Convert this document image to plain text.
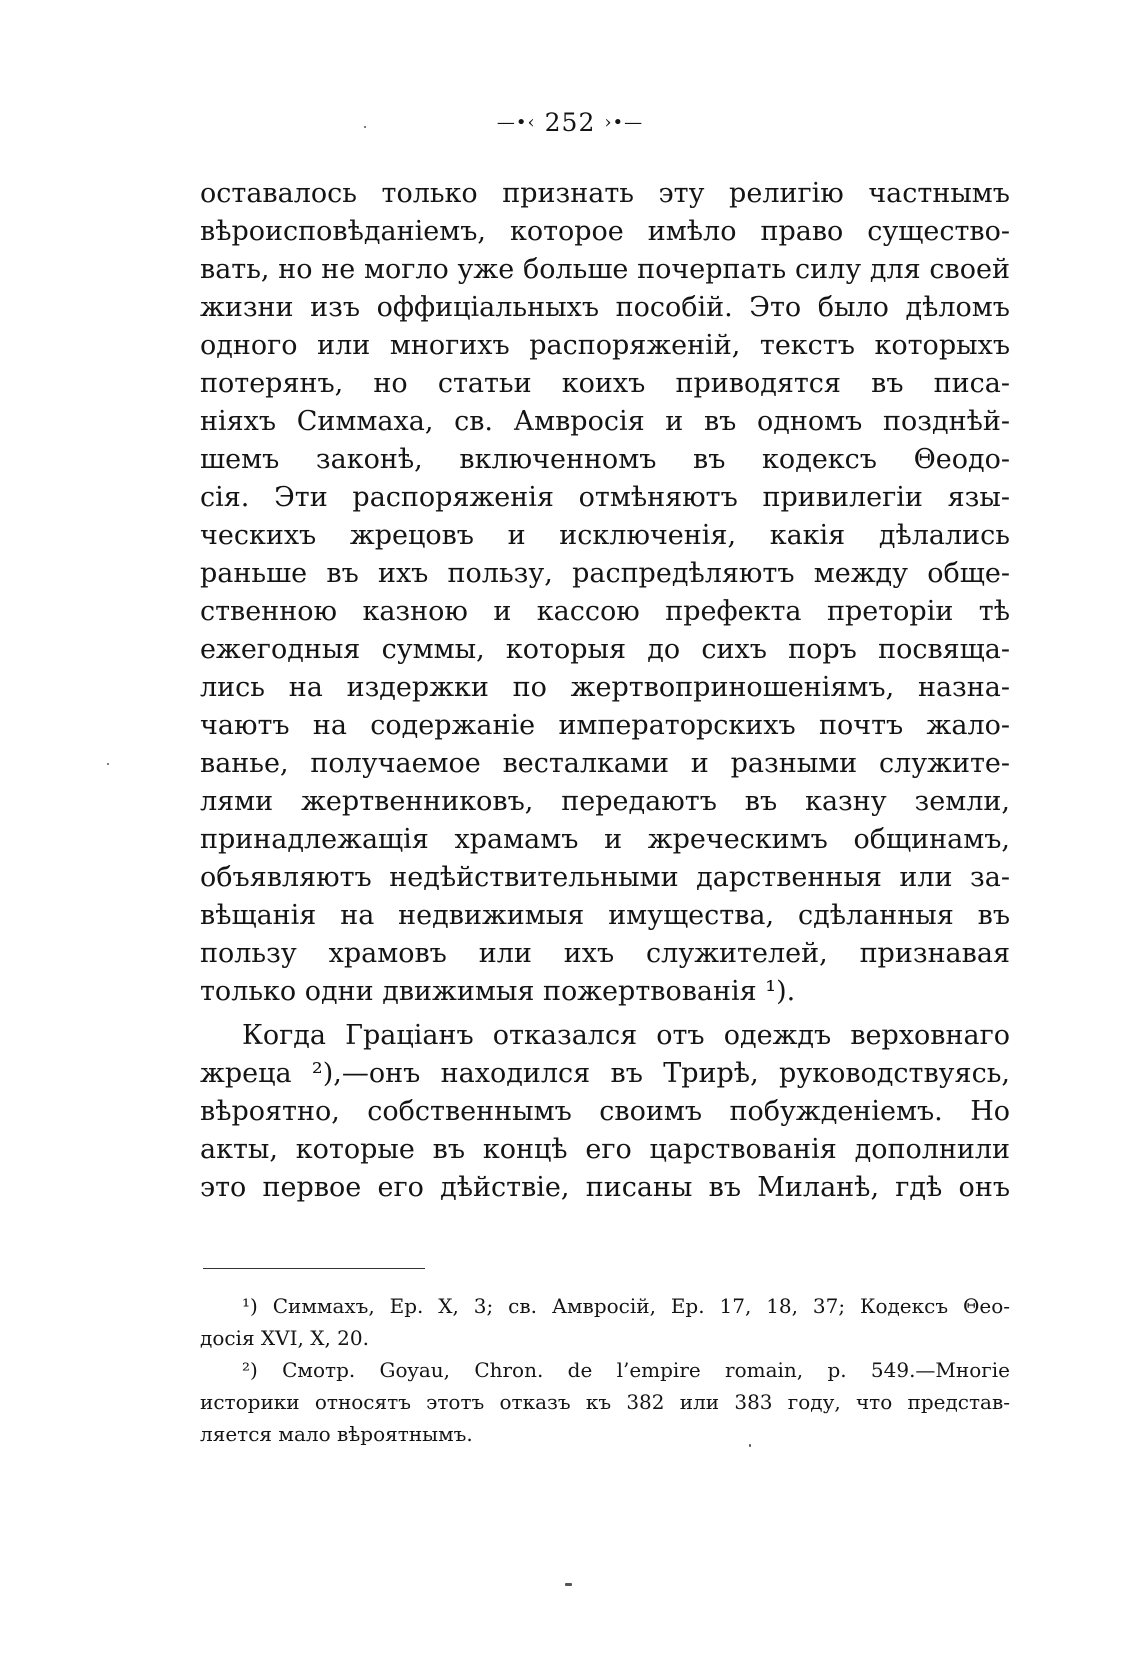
—•‹ 252 ›•—
оставалось только признать эту религію частнымъ
вѣроисповѣданіемъ, которое имѣло право существо-
вать, но не могло уже больше почерпать силу для своей
жизни изъ оффиціальныхъ пособій. Это было дѣломъ
одного или многихъ распоряженій, текстъ которыхъ
потерянъ, но статьи коихъ приводятся въ писа-
ніяхъ Симмаха, св. Амвросія и въ одномъ позднѣй-
шемъ законѣ, включенномъ въ кодексъ Θеодо-
сія. Эти распоряженія отмѣняютъ привилегіи язы-
ческихъ жрецовъ и исключенія, какія дѣлались
раньше въ ихъ пользу, распредѣляютъ между обще-
ственною казною и кассою префекта преторіи тѣ
ежегодныя суммы, которыя до сихъ поръ посвяща-
лись на издержки по жертвоприношеніямъ, назна-
чаютъ на содержаніе императорскихъ почтъ жало-
ванье, получаемое весталками и разными служите-
лями жертвенниковъ, передаютъ въ казну земли,
принадлежащія храмамъ и жреческимъ общинамъ,
объявляютъ недѣйствительными дарственныя или за-
вѣщанія на недвижимыя имущества, сдѣланныя въ
пользу храмовъ или ихъ служителей, признавая
только одни движимыя пожертвованія ¹).
Когда Граціанъ отказался отъ одеждъ верховнаго
жреца ²),—онъ находился въ Трирѣ, руководствуясь,
вѣроятно, собственнымъ своимъ побужденіемъ. Но
акты, которые въ концѣ его царствованія дополнили
это первое его дѣйствіе, писаны въ Миланѣ, гдѣ онъ
¹) Симмахъ, Ep. X, 3; св. Амвросій, Ep. 17, 18, 37; Кодексъ Θео-
досія XVI, X, 20.
²) Смотр. Goyau, Chron. de l’empire romain, p. 549.—Многіе
историки относятъ этотъ отказъ къ 382 или 383 году, что представ-
ляется мало вѣроятнымъ.
